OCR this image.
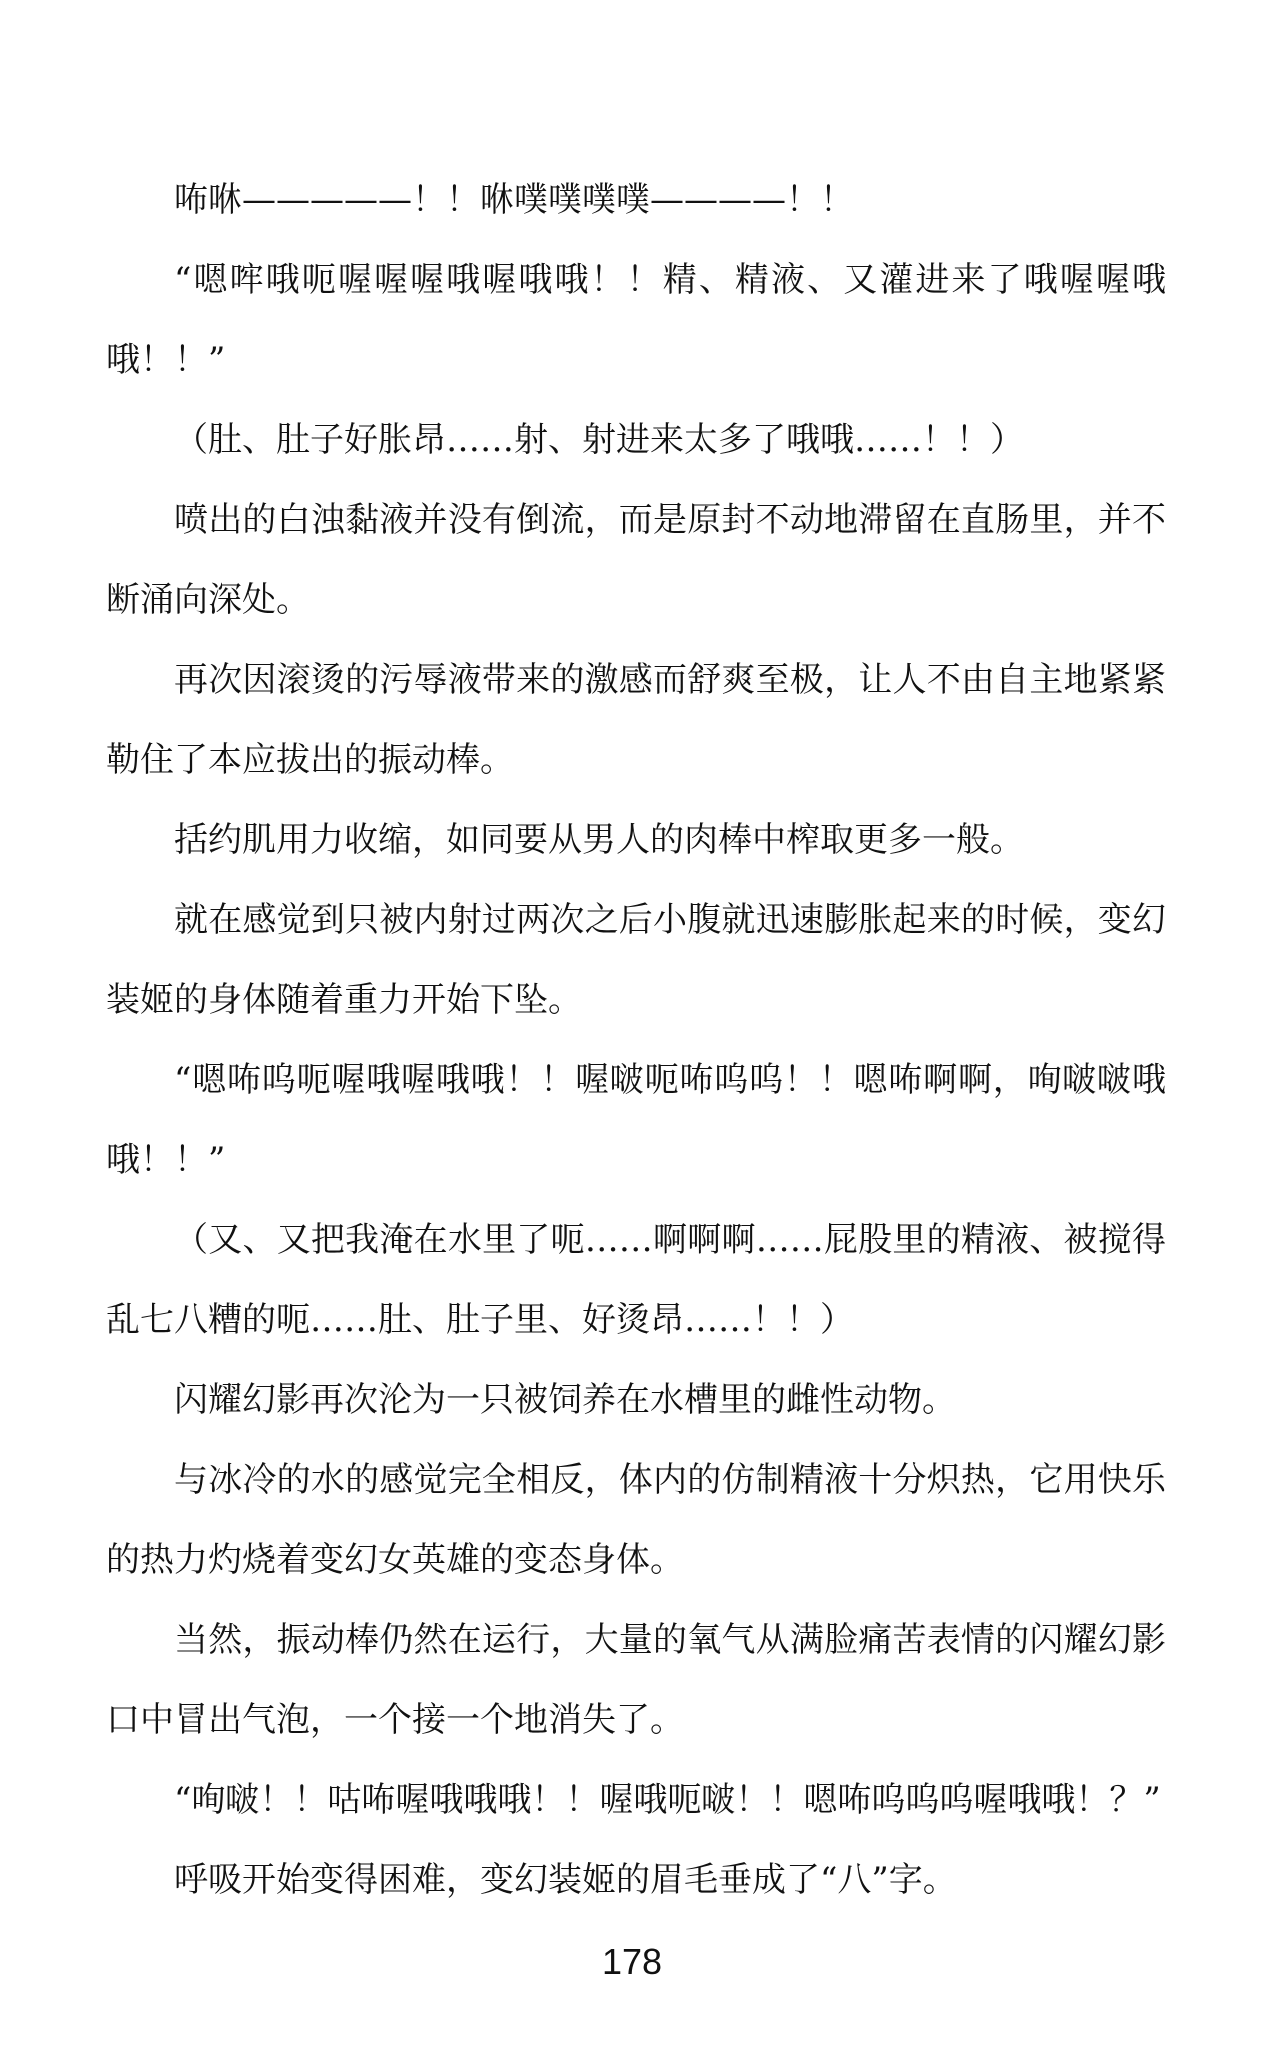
咘咻—————！！咻噗噗噗噗————！！

“嗯哰哦呃喔喔喔哦喔哦哦！！精、精液、又灌进来了哦喔喔哦哦！！”

（肚、肚子好胀昂……射、射进来太多了哦哦……！！）

喷出的白浊黏液并没有倒流，而是原封不动地滞留在直肠里，并不断涌向深处。

再次因滚烫的污辱液带来的激感而舒爽至极，让人不由自主地紧紧勒住了本应拔出的振动棒。

括约肌用力收缩，如同要从男人的肉棒中榨取更多一般。

就在感觉到只被内射过两次之后小腹就迅速膨胀起来的时候，变幻装姬的身体随着重力开始下坠。

“嗯咘呜呃喔哦喔哦哦！！喔啵呃咘呜呜！！嗯咘啊啊，咰啵啵哦哦！！”

（又、又把我淹在水里了呃……啊啊啊……屁股里的精液、被搅得乱七八糟的呃……肚、肚子里、好烫昂……！！）

闪耀幻影再次沦为一只被饲养在水槽里的雌性动物。

与冰冷的水的感觉完全相反，体内的仿制精液十分炽热，它用快乐的热力灼烧着变幻女英雄的变态身体。

当然，振动棒仍然在运行，大量的氧气从满脸痛苦表情的闪耀幻影口中冒出气泡，一个接一个地消失了。

“咰啵！！咕咘喔哦哦哦！！喔哦呃啵！！嗯咘呜呜呜喔哦哦！？”

呼吸开始变得困难，变幻装姬的眉毛垂成了“八”字。

178
